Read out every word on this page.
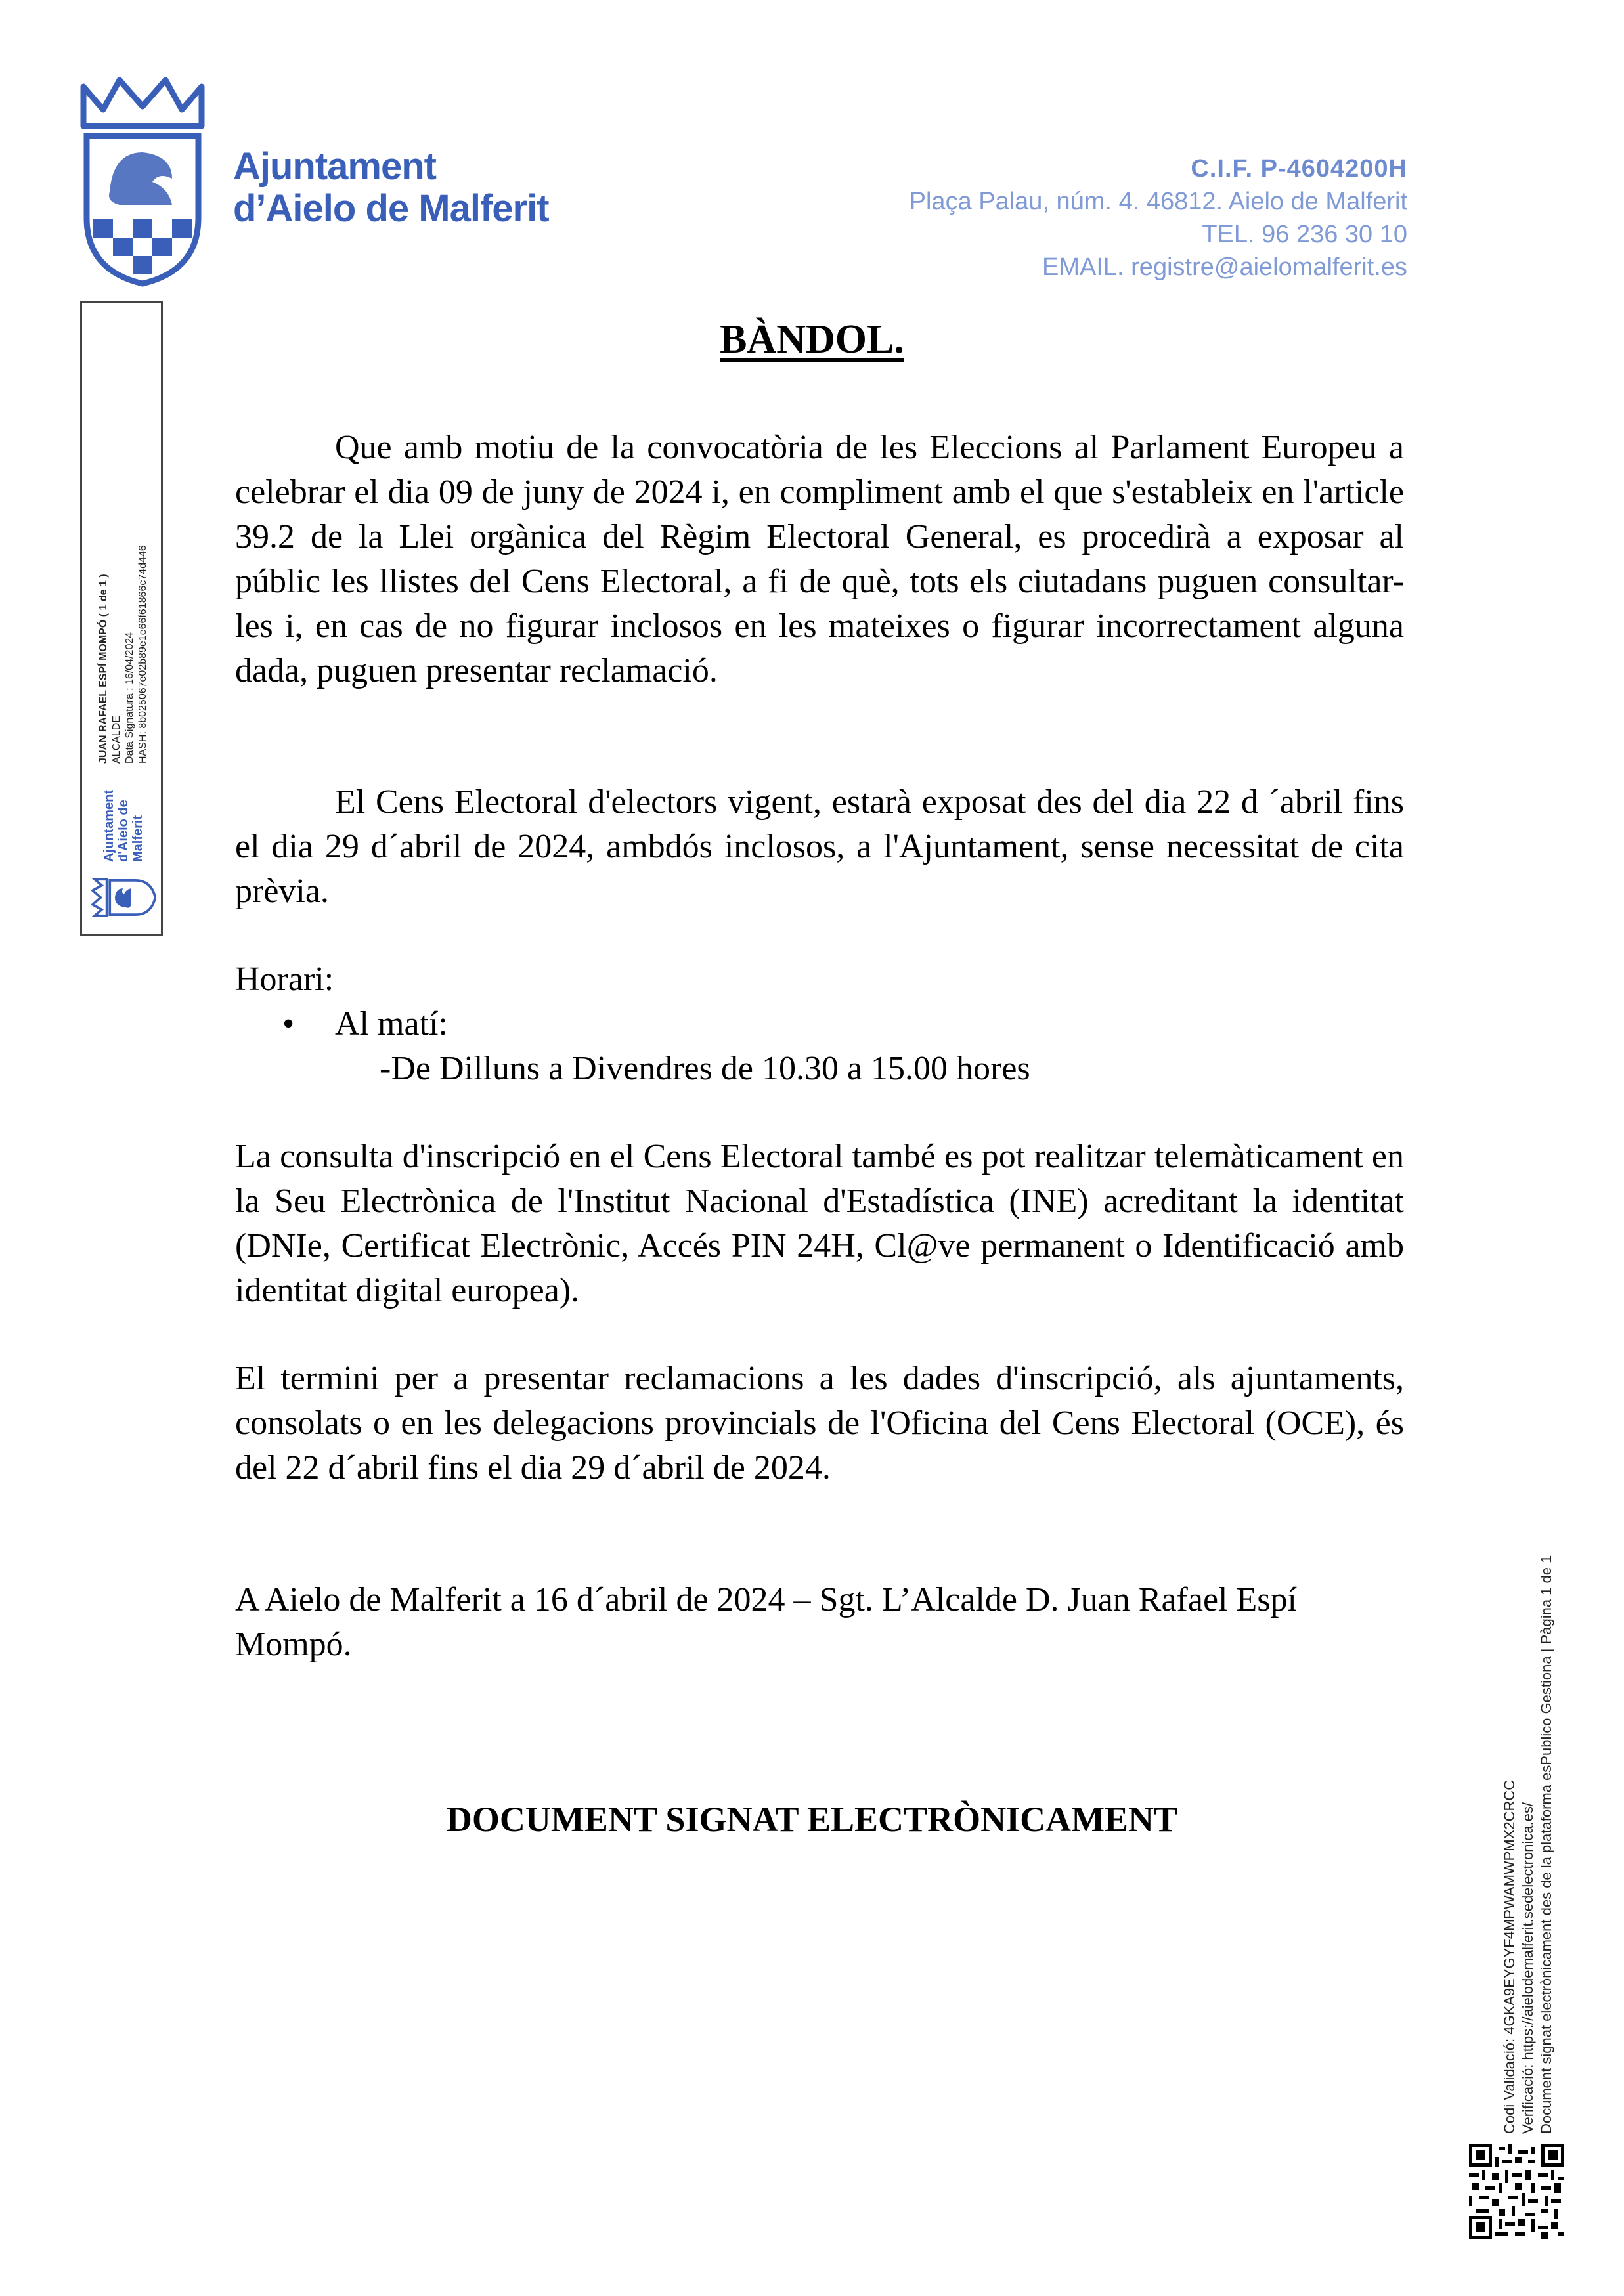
Ajuntament
d’Aielo de Malferit
C.I.F. P-4604200H
Plaça Palau, núm. 4. 46812. Aielo de Malferit
TEL. 96 236 30 10
EMAIL. registre@aielomalferit.es
Ajuntament d'Aielo de Malferit
JUAN RAFAEL ESPÍ MOMPÓ ( 1 de 1 ) ALCALDE Data Signatura : 16/04/2024 HASH: 8b025067e02b89e1e66f61866c74d446
BÀNDOL.
Que amb motiu de la convocatòria de les Eleccions al Parlament Europeu a celebrar el dia 09 de juny de 2024 i, en compliment amb el que s'estableix en l'article 39.2 de la Llei orgànica del Règim Electoral General, es procedirà a exposar al públic les llistes del Cens Electoral, a fi de què, tots els ciutadans puguen consultar-les i, en cas de no figurar inclosos en les mateixes o figurar incorrectament alguna dada, puguen presentar reclamació.
El Cens Electoral d'electors vigent, estarà exposat des del dia 22 d ´abril fins el dia 29 d´abril de 2024, ambdós inclosos, a l'Ajuntament, sense necessitat de cita prèvia.
Horari:
• Al matí:
-De Dilluns a Divendres de 10.30 a 15.00 hores
La consulta d'inscripció en el Cens Electoral també es pot realitzar telemàticament en la Seu Electrònica de l'Institut Nacional d'Estadística (INE) acreditant la identitat (DNIe, Certificat Electrònic, Accés PIN 24H, Cl@ve permanent o Identificació amb identitat digital europea).
El termini per a presentar reclamacions a les dades d'inscripció, als ajuntaments, consolats o en les delegacions provincials de l'Oficina del Cens Electoral (OCE), és del 22 d´abril fins el dia 29 d´abril de 2024.
A Aielo de Malferit a 16 d´abril de 2024 – Sgt. L’Alcalde D. Juan Rafael Espí Mompó.
DOCUMENT SIGNAT ELECTRÒNICAMENT	Codi Validació: 4GKA9EYGYF4MPWAMWPMX2CRCC Verificació: https://aielodemalferit.sedelectronica.es/ Document signat electrònicament des de la plataforma esPublico Gestiona | Pàgina 1 de 1
